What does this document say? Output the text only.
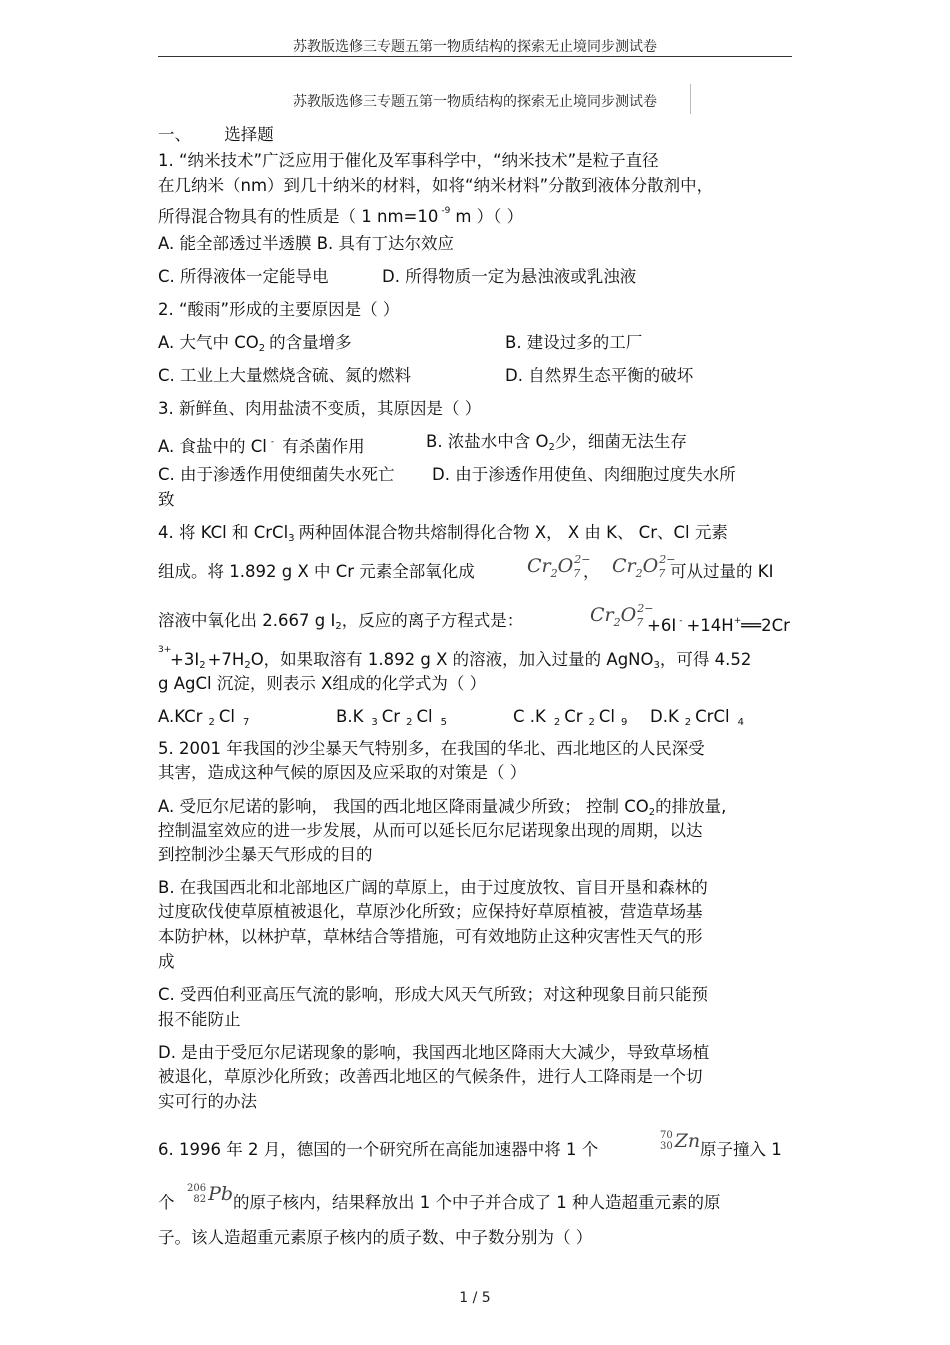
苏教版选修三专题五第一物质结构的探索无止境同步测试卷
苏教版选修三专题五第一物质结构的探索无止境同步测试卷
一、 选择题
1. “纳米技术”广泛应用于催化及军事科学中，“纳米技术”是粒子直径
在几纳米（nm）到几十纳米的材料，如将“纳米材料”分散到液体分散剂中，
所得混合物具有的性质是（ 1 nm=10 $^{-9}$ m ）（ ）
A. 能全部透过半透膜 B. 具有丁达尔效应
C. 所得液体一定能导电	D. 所得物质一定为悬浊液或乳浊液
2. “酸雨”形成的主要原因是（ ）
A. 大气中 CO2 的含量增多	B. 建设过多的工厂
C. 工业上大量燃烧含硫、氮的燃料	D. 自然界生态平衡的破坏
3. 新鲜鱼、肉用盐渍不变质，其原因是（ ）
A. 食盐中的 Cl - 有杀菌作用	B. 浓盐水中含 O2少，细菌无法生存
C. 由于渗透作用使细菌失水死亡 D. 由于渗透作用使鱼、肉细胞过度失水所
致
4. 将 KCl 和 CrCl3 两种固体混合物共熔制得化合物 X， X 由 K、 Cr、Cl 元素
组成。将 1.892 g X 中 Cr 元素全部氧化成	$Cr_2O_7^{2-}$
， $Cr_2O_7^{2-}$
可从过量的 KI
溶液中氧化出 2.667 g I2，反应的离子方程式是：	$Cr_2O_7^{2-}$
+6I - +14H+══2Cr
3+
+3I2 +7H2O，如果取溶有 1.892 g X 的溶液，加入过量的 AgNO3，可得 4.52
g AgCl 沉淀，则表示 X组成的化学式为（ ）
A.KCr 2 Cl 7	B.K 3 Cr 2 Cl 5	C .K 2 Cr 2 Cl 9 D.K 2 CrCl 4
5. 2001 年我国的沙尘暴天气特别多，在我国的华北、西北地区的人民深受
其害，造成这种气候的原因及应采取的对策是（ ）
A. 受厄尔尼诺的影响， 我国的西北地区降雨量减少所致； 控制 CO2的排放量,
控制温室效应的进一步发展，从而可以延长厄尔尼诺现象出现的周期，以达
到控制沙尘暴天气形成的目的
B. 在我国西北和北部地区广阔的草原上，由于过度放牧、盲目开垦和森林的
过度砍伐使草原植被退化，草原沙化所致；应保持好草原植被，营造草场基
本防护林，以林护草，草林结合等措施，可有效地防止这种灾害性天气的形
成
C. 受西伯利亚高压气流的影响，形成大风天气所致；对这种现象目前只能预
报不能防止
D. 是由于受厄尔尼诺现象的影响，我国西北地区降雨大大减少，导致草场植
被退化，草原沙化所致；改善西北地区的气候条件，进行人工降雨是一个切
实可行的办法
6. 1996 年 2 月，德国的一个研究所在高能加速器中将 1 个
70
30 Zn 原子撞入 1
个
206
82 Pb 的原子核内，结果释放出 1 个中子并合成了 1 种人造超重元素的原
子。该人造超重元素原子核内的质子数、中子数分别为（ ）
1 / 5
